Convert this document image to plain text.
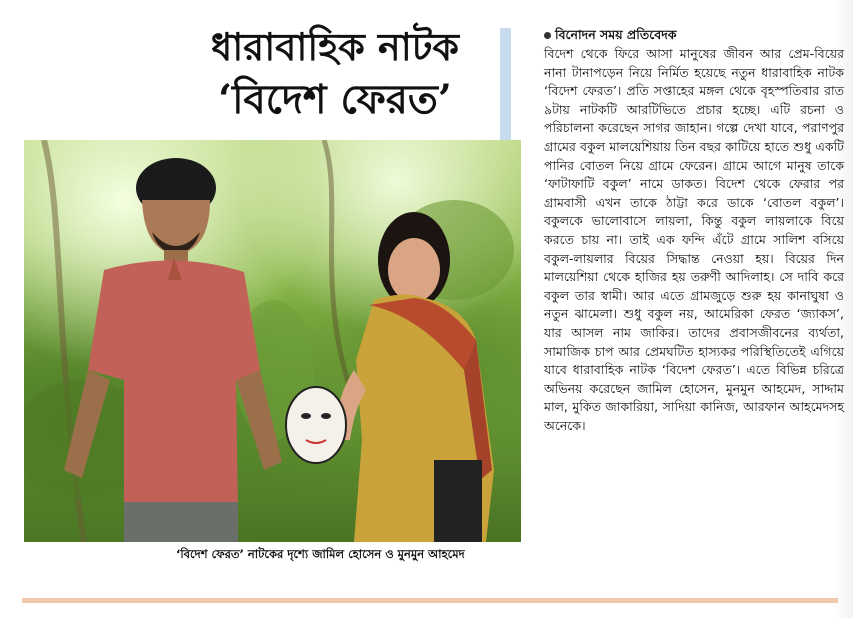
ধারাবাহিক নাটক
‘বিদেশ ফেরত’
‘বিদেশ ফেরত’ নাটকের দৃশ্যে জামিল হোসেন ও মুনমুন আহমেদ
বিনোদন সময় প্রতিবেদক

বিদেশ থেকে ফিরে আসা মানুষের জীবন আর প্রেম-বিয়ের নানা টানাপড়েন নিয়ে নির্মিত হয়েছে নতুন ধারাবাহিক নাটক ‘বিদেশ ফেরত’। প্রতি সপ্তাহের মঙ্গল থেকে বৃহস্পতিবার রাত ৯টায় নাটকটি আরটিভিতে প্রচার হচ্ছে। এটি রচনা ও পরিচালনা করেছেন সাগর জাহান। গল্পে দেখা যাবে, পরাণপুর গ্রামের বকুল মালয়েশিয়ায় তিন বছর কাটিয়ে হাতে শুধু একটি পানির বোতল নিয়ে গ্রামে ফেরেন। গ্রামে আগে মানুষ তাকে ‘ফাটাফাটি বকুল’ নামে ডাকত। বিদেশ থেকে ফেরার পর গ্রামবাসী এখন তাকে ঠাট্টা করে ডাকে ‘বোতল বকুল’। বকুলকে ভালোবাসে লায়লা, কিন্তু বকুল লায়লাকে বিয়ে করতে চায় না। তাই এক ফন্দি এঁটে গ্রামে সালিশ বসিয়ে বকুল-লায়লার বিয়ের সিদ্ধান্ত নেওয়া হয়। বিয়ের দিন মালয়েশিয়া থেকে হাজির হয় তরুণী আদিলাহ। সে দাবি করে বকুল তার স্বামী। আর এতে গ্রামজুড়ে শুরু হয় কানাঘুষা ও নতুন ঝামেলা। শুধু বকুল নয়, আমেরিকা ফেরত ‘জ্যাকস’, যার আসল নাম জাকির। তাদের প্রবাসজীবনের ব্যর্থতা, সামাজিক চাপ আর প্রেমঘটিত হাস্যকর পরিস্থিতিতেই এগিয়ে যাবে ধারাবাহিক নাটক ‘বিদেশ ফেরত’। এতে বিভিন্ন চরিত্রে অভিনয় করেছেন জামিল হোসেন, মুনমুন আহমেদ, সাদ্দাম মাল, মুকিত জাকারিয়া, সাদিয়া কানিজ, আরফান আহমেদসহ অনেকে।
